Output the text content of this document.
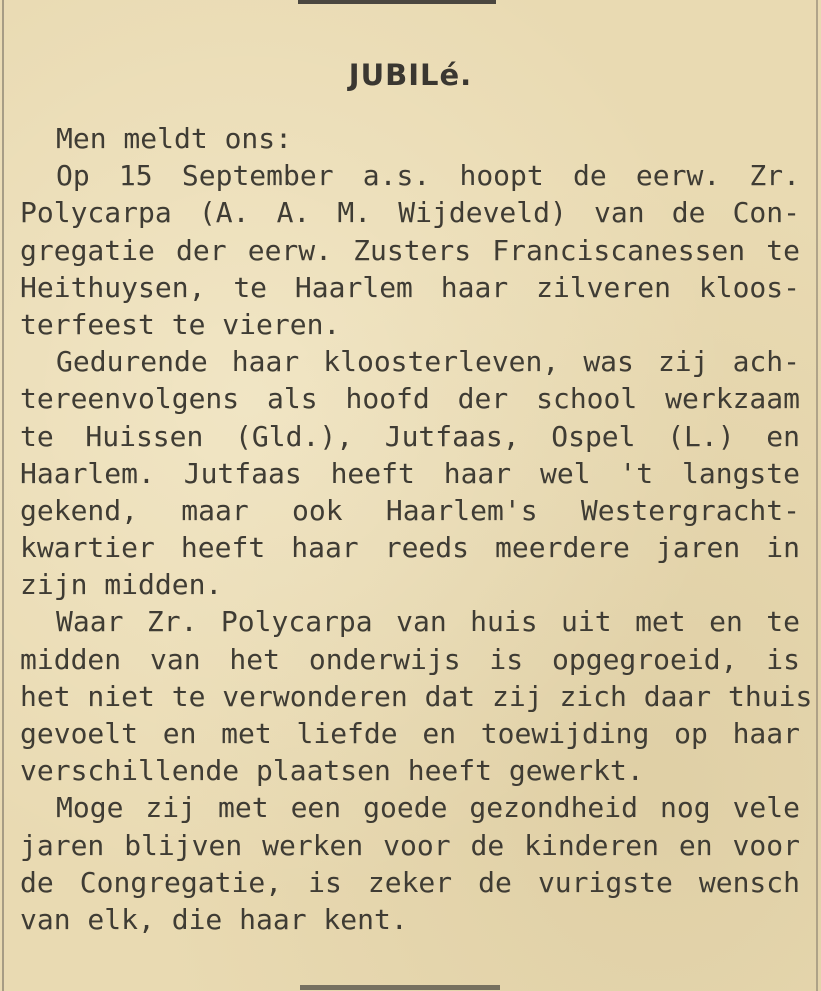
JUBILé.
Men meldt ons:
Op 15 September a.s. hoopt de eerw. Zr.
Polycarpa (A. A. M. Wijdeveld) van de Con-
gregatie der eerw. Zusters Franciscanessen te
Heithuysen, te Haarlem haar zilveren kloos-
terfeest te vieren.
Gedurende haar kloosterleven, was zij ach-
tereenvolgens als hoofd der school werkzaam
te Huissen (Gld.), Jutfaas, Ospel (L.) en
Haarlem. Jutfaas heeft haar wel 't langste
gekend, maar ook Haarlem's Westergracht-
kwartier heeft haar reeds meerdere jaren in
zijn midden.
Waar Zr. Polycarpa van huis uit met en te
midden van het onderwijs is opgegroeid, is
het niet te verwonderen dat zij zich daar thuis
gevoelt en met liefde en toewijding op haar
verschillende plaatsen heeft gewerkt.
Moge zij met een goede gezondheid nog vele
jaren blijven werken voor de kinderen en voor
de Congregatie, is zeker de vurigste wensch
van elk, die haar kent.
